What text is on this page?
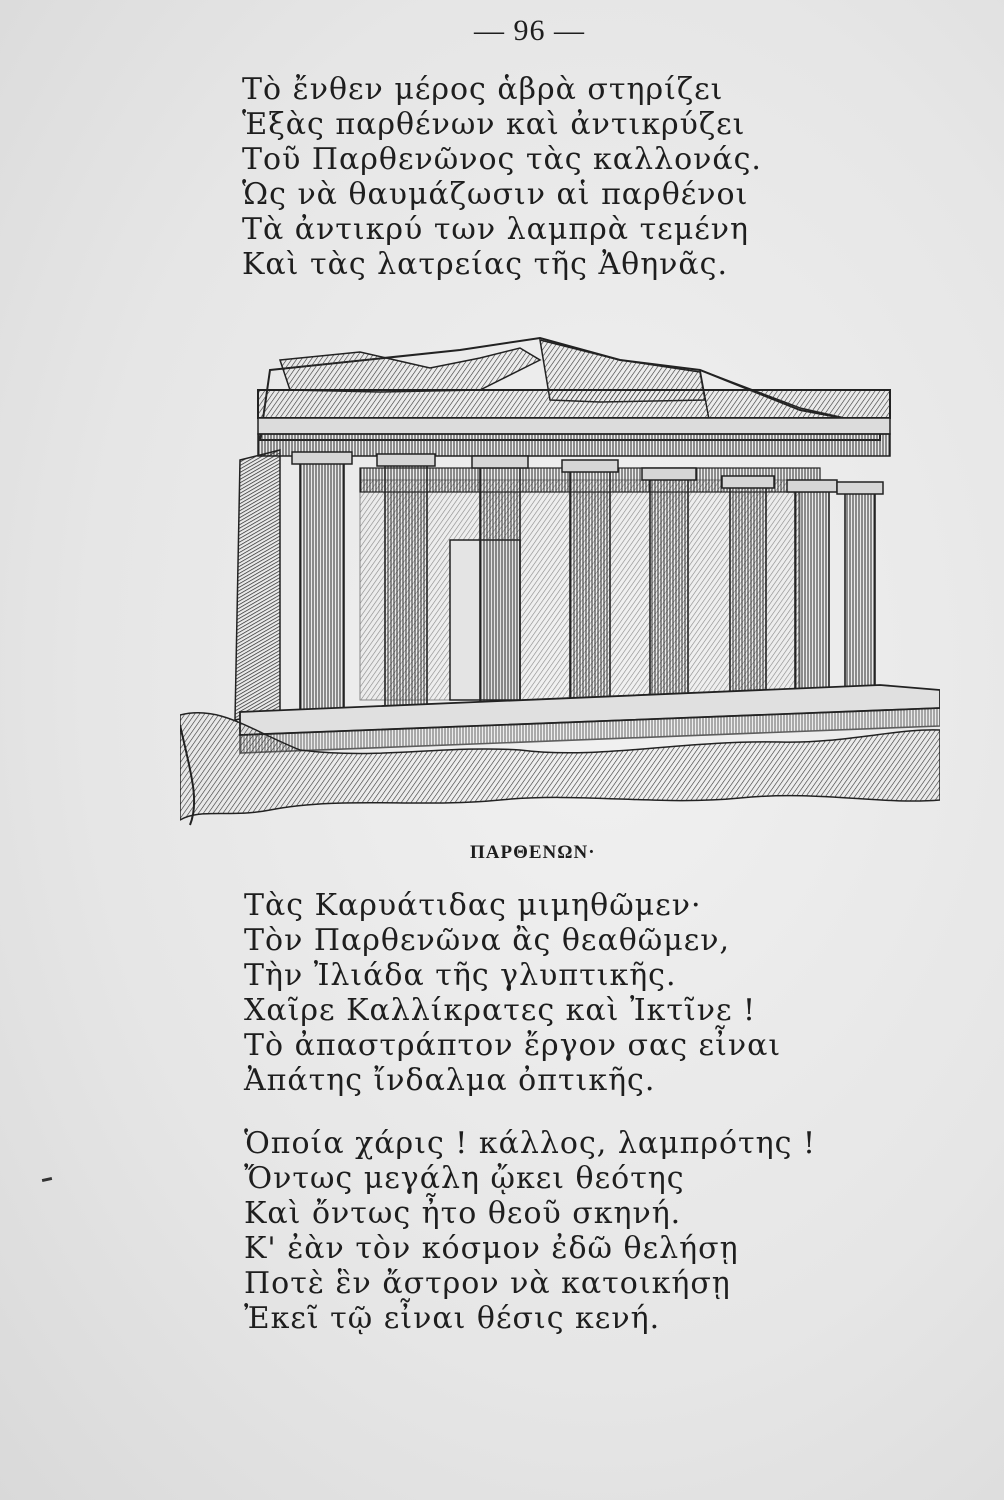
— 96 —
Τὸ ἔνθεν μέρος ἁβρὰ στηρίζει
Ἑξὰς παρθένων καὶ ἀντικρύζει
Τοῦ Παρθενῶνος τὰς καλλονάς.
Ὡς νὰ θαυμάζωσιν αἱ παρθένοι
Τὰ ἀντικρύ των λαμπρὰ τεμένη
Καὶ τὰς λατρείας τῆς Ἀθηνᾶς.
ΠΑΡΘΕΝΩΝ·
Τὰς Καρυάτιδας μιμηθῶμεν·
Τὸν Παρθενῶνα ἂς θεαθῶμεν,
Τὴν Ἰλιάδα τῆς γλυπτικῆς.
Χαῖρε Καλλίκρατες καὶ Ἰκτῖνε !
Τὸ ἀπαστράπτον ἔργον σας εἶναι
Ἀπάτης ἴνδαλμα ὀπτικῆς.
Ὁποία χάρις ! κάλλος, λαμπρότης !
Ὄντως μεγάλη ᾤκει θεότης
Καὶ ὄντως ἦτο θεοῦ σκηνή.
Κ' ἐὰν τὸν κόσμον ἐδῶ θελήσῃ
Ποτὲ ἓν ἄστρον νὰ κατοικήσῃ
Ἐκεῖ τῷ εἶναι θέσις κενή.
